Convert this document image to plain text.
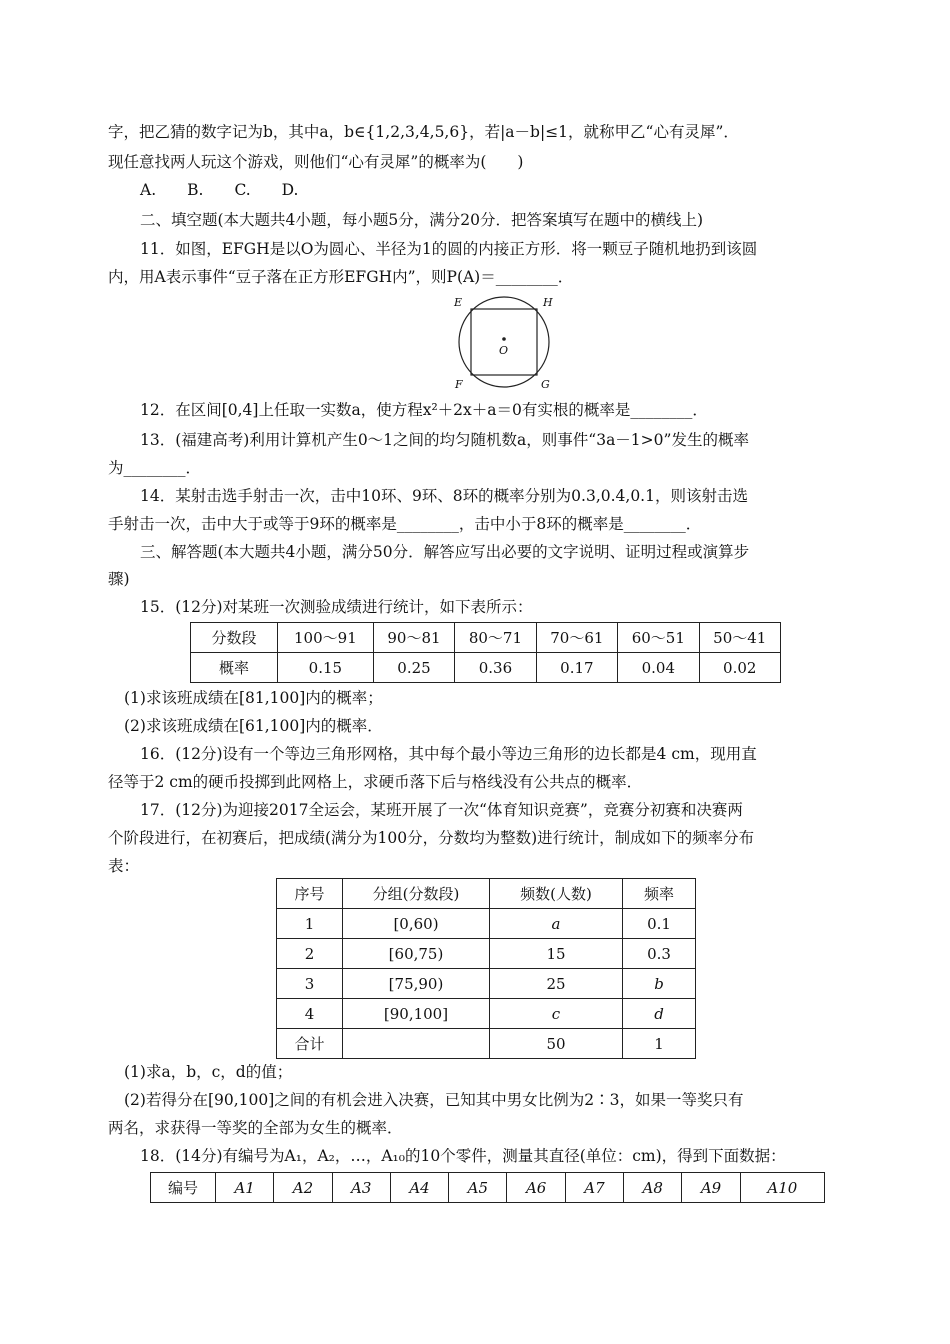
字，把乙猜的数字记为b，其中a，b∈{1,2,3,4,5,6}，若|a－b|≤1，就称甲乙“心有灵犀”．
现任意找两人玩这个游戏，则他们“心有灵犀”的概率为(　　)
A.　　B.　　C.　　D.
二、填空题(本大题共4小题，每小题5分，满分20分．把答案填写在题中的横线上)
11．如图，EFGH是以O为圆心、半径为1的圆的内接正方形．将一颗豆子随机地扔到该圆
内，用A表示事件“豆子落在正方形EFGH内”，则P(A)＝________．
E	H
F	G
O
12．在区间[0,4]上任取一实数a，使方程x²＋2x＋a＝0有实根的概率是________．
13．(福建高考)利用计算机产生0～1之间的均匀随机数a，则事件“3a－1>0”发生的概率
为________．
14．某射击选手射击一次，击中10环、9环、8环的概率分别为0.3,0.4,0.1，则该射击选
手射击一次，击中大于或等于9环的概率是________，击中小于8环的概率是________．
三、解答题(本大题共4小题，满分50分．解答应写出必要的文字说明、证明过程或演算步
骤)
15．(12分)对某班一次测验成绩进行统计，如下表所示：
分数段	100～91	90～81	80～71	70～61	60～51	50～41
概率	0.15	0.25	0.36	0.17	0.04	0.02
(1)求该班成绩在[81,100]内的概率；
(2)求该班成绩在[61,100]内的概率．
16．(12分)设有一个等边三角形网格，其中每个最小等边三角形的边长都是4 cm，现用直
径等于2 cm的硬币投掷到此网格上，求硬币落下后与格线没有公共点的概率．
17．(12分)为迎接2017全运会，某班开展了一次“体育知识竞赛”，竞赛分初赛和决赛两
个阶段进行，在初赛后，把成绩(满分为100分，分数均为整数)进行统计，制成如下的频率分布
表：
序号	分组(分数段)	频数(人数)	频率
1	[0,60)	a	0.1
2	[60,75)	15	0.3
3	[75,90)	25	b
4	[90,100]	c	d
合计		50	1
(1)求a，b，c，d的值；
(2)若得分在[90,100]之间的有机会进入决赛，已知其中男女比例为2∶3，如果一等奖只有
两名，求获得一等奖的全部为女生的概率．
18．(14分)有编号为A₁，A₂，…，A₁₀的10个零件，测量其直径(单位：cm)，得到下面数据：
编号	A1	A2	A3	A4	A5	A6	A7	A8	A9	A10
